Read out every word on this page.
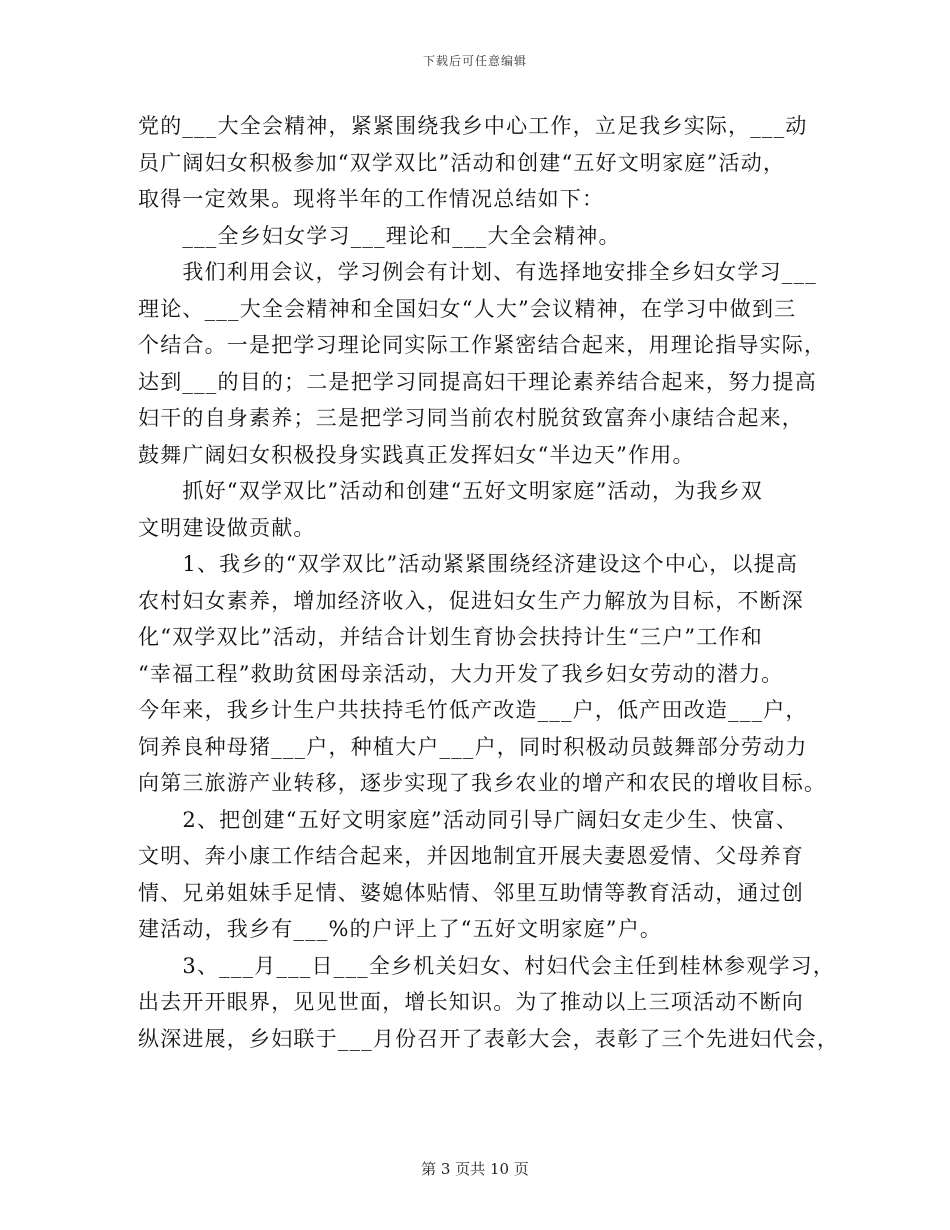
下载后可任意编辑
党的___大全会精神，紧紧围绕我乡中心工作，立足我乡实际，___动
员广阔妇女积极参加“双学双比”活动和创建“五好文明家庭”活动，
取得一定效果。现将半年的工作情况总结如下：
　　___全乡妇女学习___理论和___大全会精神。
　　我们利用会议，学习例会有计划、有选择地安排全乡妇女学习___
理论、___大全会精神和全国妇女“人大”会议精神，在学习中做到三
个结合。一是把学习理论同实际工作紧密结合起来，用理论指导实际，
达到___的目的；二是把学习同提高妇干理论素养结合起来，努力提高
妇干的自身素养；三是把学习同当前农村脱贫致富奔小康结合起来，
鼓舞广阔妇女积极投身实践真正发挥妇女“半边天”作用。
　　抓好“双学双比”活动和创建“五好文明家庭”活动，为我乡双
文明建设做贡献。
　　1、我乡的“双学双比”活动紧紧围绕经济建设这个中心，以提高
农村妇女素养，增加经济收入，促进妇女生产力解放为目标，不断深
化“双学双比”活动，并结合计划生育协会扶持计生“三户”工作和
“幸福工程”救助贫困母亲活动，大力开发了我乡妇女劳动的潜力。
今年来，我乡计生户共扶持毛竹低产改造___户，低产田改造___户，
饲养良种母猪___户，种植大户___户，同时积极动员鼓舞部分劳动力
向第三旅游产业转移，逐步实现了我乡农业的增产和农民的增收目标。
　　2、把创建“五好文明家庭”活动同引导广阔妇女走少生、快富、
文明、奔小康工作结合起来，并因地制宜开展夫妻恩爱情、父母养育
情、兄弟姐妹手足情、婆媳体贴情、邻里互助情等教育活动，通过创
建活动，我乡有___%的户评上了“五好文明家庭”户。
　　3、___月___日___全乡机关妇女、村妇代会主任到桂林参观学习，
出去开开眼界，见见世面，增长知识。为了推动以上三项活动不断向
纵深进展，乡妇联于___月份召开了表彰大会，表彰了三个先进妇代会，
第 3 页共 10 页
